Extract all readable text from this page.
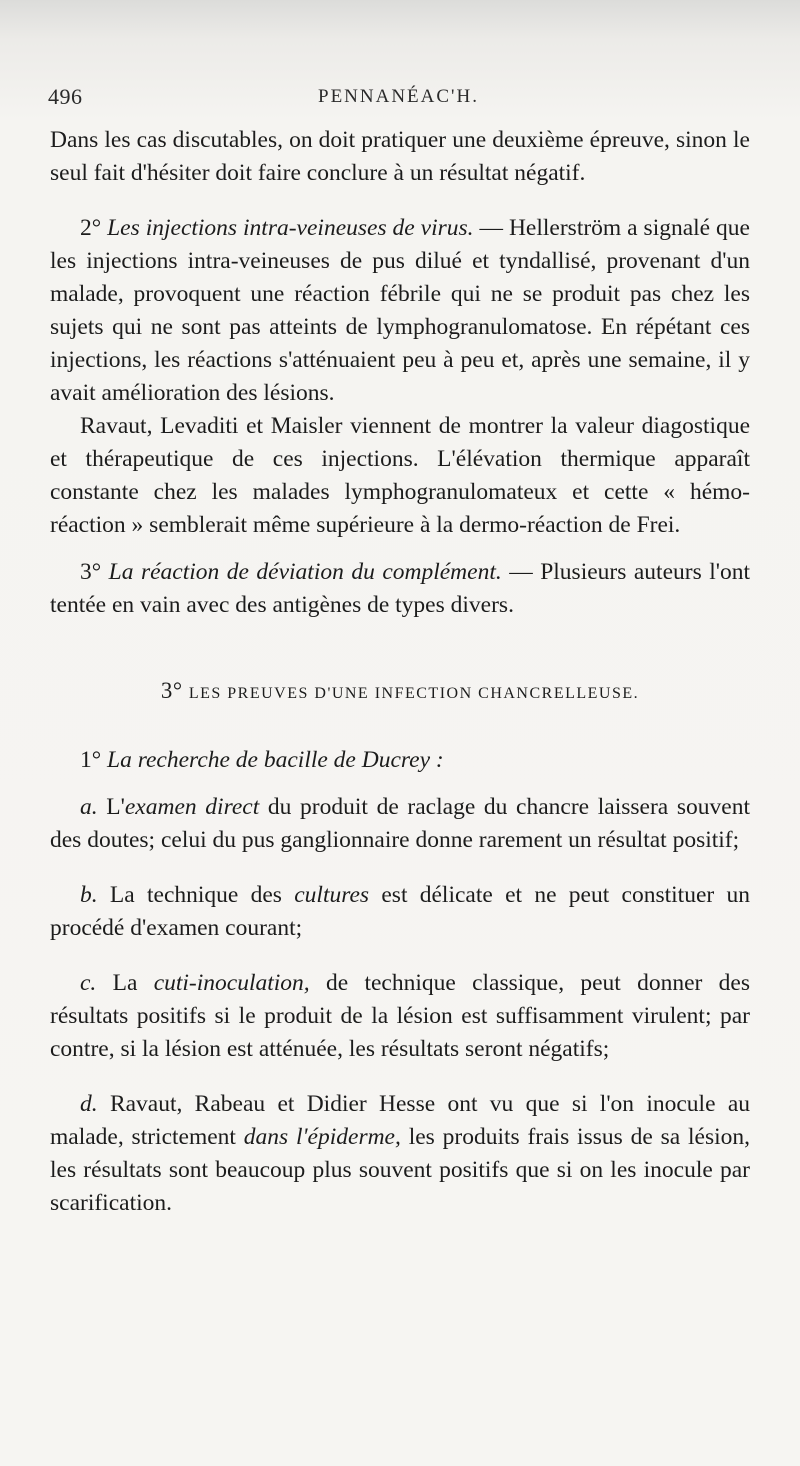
496	PENNANÉAC'H.

Dans les cas discutables, on doit pratiquer une deuxième épreuve, sinon le seul fait d'hésiter doit faire conclure à un résultat négatif.

2° Les injections intra-veineuses de virus. — Hellerström a signalé que les injections intra-veineuses de pus dilué et tyndallisé, provenant d'un malade, provoquent une réaction fébrile qui ne se produit pas chez les sujets qui ne sont pas atteints de lymphogranulomatose. En répétant ces injections, les réactions s'atténuaient peu à peu et, après une semaine, il y avait amélioration des lésions.

Ravaut, Levaditi et Maisler viennent de montrer la valeur diagostique et thérapeutique de ces injections. L'élévation thermique apparaît constante chez les malades lymphogranulomateux et cette « hémo-réaction » semblerait même supérieure à la dermo-réaction de Frei.

3° La réaction de déviation du complément. — Plusieurs auteurs l'ont tentée en vain avec des antigènes de types divers.

3° LES PREUVES D'UNE INFECTION CHANCRELLEUSE.

1° La recherche de bacille de Ducrey :

a. L'examen direct du produit de raclage du chancre laissera souvent des doutes; celui du pus ganglionnaire donne rarement un résultat positif;

b. La technique des cultures est délicate et ne peut constituer un procédé d'examen courant;

c. La cuti-inoculation, de technique classique, peut donner des résultats positifs si le produit de la lésion est suffisamment virulent; par contre, si la lésion est atténuée, les résultats seront négatifs;

d. Ravaut, Rabeau et Didier Hesse ont vu que si l'on inocule au malade, strictement dans l'épiderme, les produits frais issus de sa lésion, les résultats sont beaucoup plus souvent positifs que si on les inocule par scarification.
